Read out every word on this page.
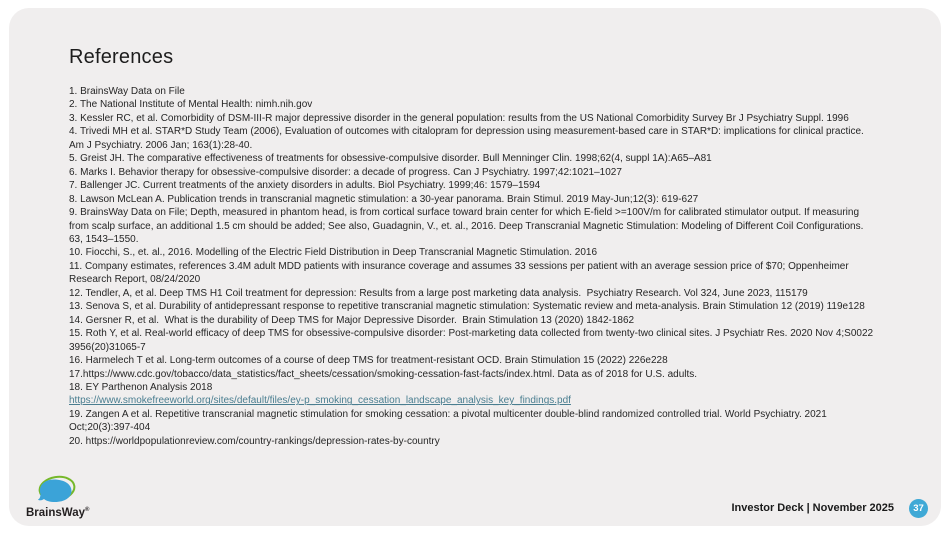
References
1. BrainsWay Data on File
2. The National Institute of Mental Health: nimh.nih.gov
3. Kessler RC, et al. Comorbidity of DSM-III-R major depressive disorder in the general population: results from the US National Comorbidity Survey Br J Psychiatry Suppl. 1996
4. Trivedi MH et al. STAR*D Study Team (2006), Evaluation of outcomes with citalopram for depression using measurement-based care in STAR*D: implications for clinical practice.
Am J Psychiatry. 2006 Jan; 163(1):28-40.
5. Greist JH. The comparative effectiveness of treatments for obsessive-compulsive disorder. Bull Menninger Clin. 1998;62(4, suppl 1A):A65–A81
6. Marks I. Behavior therapy for obsessive-compulsive disorder: a decade of progress. Can J Psychiatry. 1997;42:1021–1027
7. Ballenger JC. Current treatments of the anxiety disorders in adults. Biol Psychiatry. 1999;46: 1579–1594
8. Lawson McLean A. Publication trends in transcranial magnetic stimulation: a 30-year panorama. Brain Stimul. 2019 May-Jun;12(3): 619-627
9. BrainsWay Data on File; Depth, measured in phantom head, is from cortical surface toward brain center for which E-field >=100V/m for calibrated stimulator output. If measuring
from scalp surface, an additional 1.5 cm should be added; See also, Guadagnin, V., et. al., 2016. Deep Transcranial Magnetic Stimulation: Modeling of Different Coil Configurations.
63, 1543–1550.
10. Fiocchi, S., et. al., 2016. Modelling of the Electric Field Distribution in Deep Transcranial Magnetic Stimulation. 2016
11. Company estimates, references 3.4M adult MDD patients with insurance coverage and assumes 33 sessions per patient with an average session price of $70; Oppenheimer
Research Report, 08/24/2020
12. Tendler, A, et al. Deep TMS H1 Coil treatment for depression: Results from a large post marketing data analysis.  Psychiatry Research. Vol 324, June 2023, 115179
13. Senova S, et al. Durability of antidepressant response to repetitive transcranial magnetic stimulation: Systematic review and meta-analysis. Brain Stimulation 12 (2019) 119e128
14. Gersner R, et al.  What is the durability of Deep TMS for Major Depressive Disorder.  Brain Stimulation 13 (2020) 1842-1862
15. Roth Y, et al. Real-world efficacy of deep TMS for obsessive-compulsive disorder: Post-marketing data collected from twenty-two clinical sites. J Psychiatr Res. 2020 Nov 4;S0022
3956(20)31065-7
16. Harmelech T et al. Long-term outcomes of a course of deep TMS for treatment-resistant OCD. Brain Stimulation 15 (2022) 226e228
17.https://www.cdc.gov/tobacco/data_statistics/fact_sheets/cessation/smoking-cessation-fast-facts/index.html. Data as of 2018 for U.S. adults.
18. EY Parthenon Analysis 2018
https://www.smokefreeworld.org/sites/default/files/ey-p_smoking_cessation_landscape_analysis_key_findings.pdf
19. Zangen A et al. Repetitive transcranial magnetic stimulation for smoking cessation: a pivotal multicenter double-blind randomized controlled trial. World Psychiatry. 2021
Oct;20(3):397-404
20. https://worldpopulationreview.com/country-rankings/depression-rates-by-country
BrainsWay®	Investor Deck | November 2025	37
